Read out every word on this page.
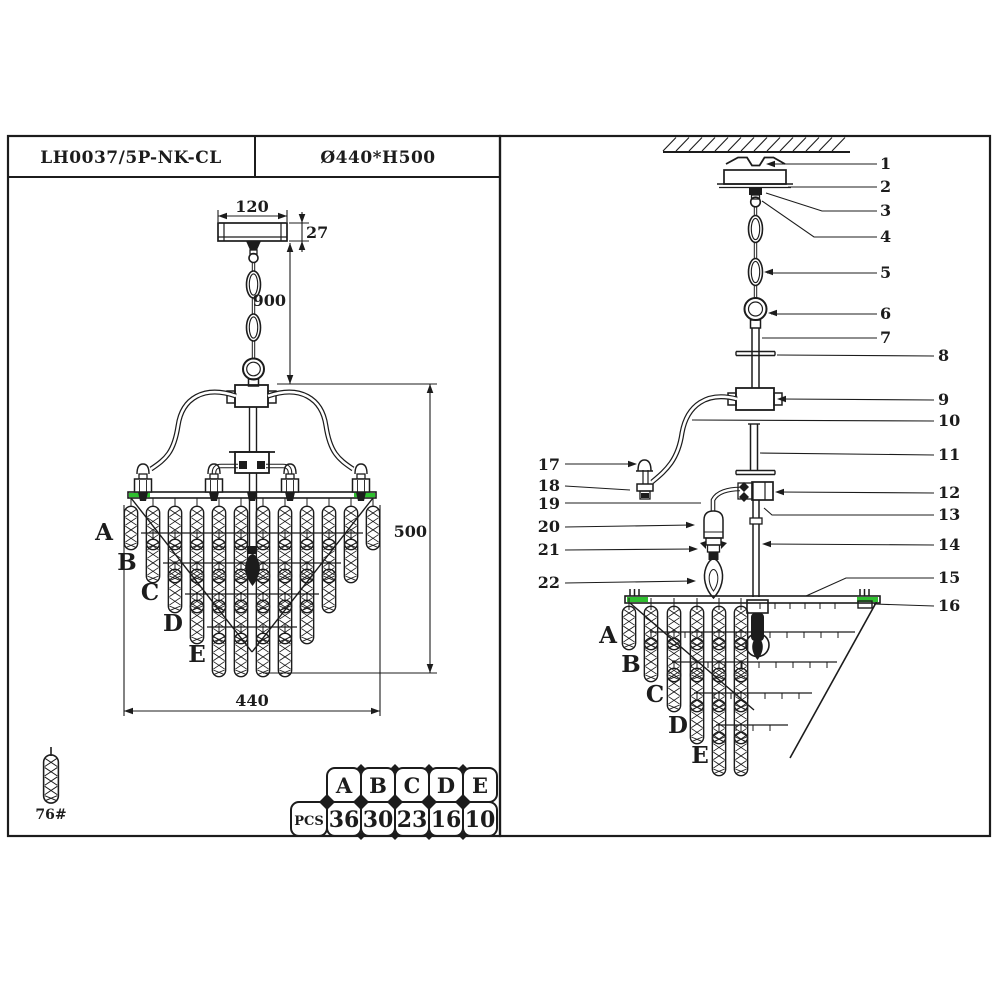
LH0037/5P-NK-CL	Ø440*H500
120
27
900
500
440
A
B
C
D
E
76#
A B C D E
PCS 36 30 23 16 10
A
B
C
D
E
1
2
3
4
5
6
7
8
9
10
11
12
13
14
15
16
17
18
19
20
21
22
